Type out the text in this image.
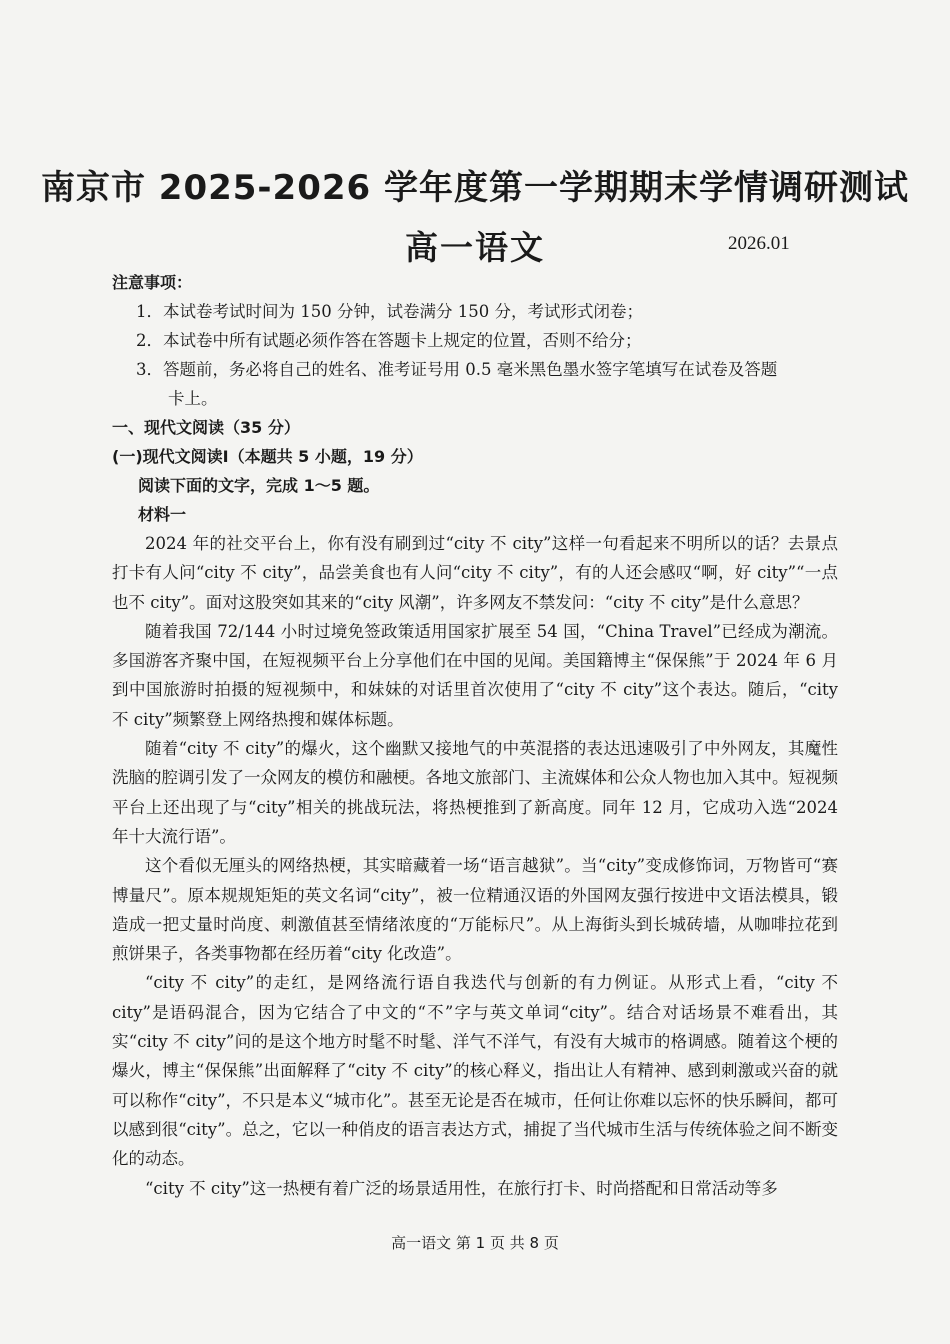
南京市 2025-2026 学年度第一学期期末学情调研测试
高一语文	2026.01
注意事项：
1．本试卷考试时间为 150 分钟，试卷满分 150 分，考试形式闭卷；
2．本试卷中所有试题必须作答在答题卡上规定的位置，否则不给分；
3．答题前，务必将自己的姓名、准考证号用 0.5 毫米黑色墨水签字笔填写在试卷及答题
卡上。
一、现代文阅读（35 分）
(一)现代文阅读Ⅰ（本题共 5 小题，19 分）
阅读下面的文字，完成 1～5 题。
材料一

2024 年的社交平台上，你有没有刷到过“city 不 city”这样一句看起来不明所以的话？去景点打卡有人问“city 不 city”，品尝美食也有人问“city 不 city”，有的人还会感叹“啊，好 city”“一点也不 city”。面对这股突如其来的“city 风潮”，许多网友不禁发问：“city 不 city”是什么意思？

随着我国 72/144 小时过境免签政策适用国家扩展至 54 国，“China Travel”已经成为潮流。多国游客齐聚中国，在短视频平台上分享他们在中国的见闻。美国籍博主“保保熊”于 2024 年 6 月到中国旅游时拍摄的短视频中，和妹妹的对话里首次使用了“city 不 city”这个表达。随后，“city 不 city”频繁登上网络热搜和媒体标题。

随着“city 不 city”的爆火，这个幽默又接地气的中英混搭的表达迅速吸引了中外网友，其魔性洗脑的腔调引发了一众网友的模仿和融梗。各地文旅部门、主流媒体和公众人物也加入其中。短视频平台上还出现了与“city”相关的挑战玩法，将热梗推到了新高度。同年 12 月，它成功入选“2024 年十大流行语”。

这个看似无厘头的网络热梗，其实暗藏着一场“语言越狱”。当“city”变成修饰词，万物皆可“赛博量尺”。原本规规矩矩的英文名词“city”，被一位精通汉语的外国网友强行按进中文语法模具，锻造成一把丈量时尚度、刺激值甚至情绪浓度的“万能标尺”。从上海街头到长城砖墙，从咖啡拉花到煎饼果子，各类事物都在经历着“city 化改造”。

“city 不 city”的走红，是网络流行语自我迭代与创新的有力例证。从形式上看，“city 不 city”是语码混合，因为它结合了中文的“不”字与英文单词“city”。结合对话场景不难看出，其实“city 不 city”问的是这个地方时髦不时髦、洋气不洋气，有没有大城市的格调感。随着这个梗的爆火，博主“保保熊”出面解释了“city 不 city”的核心释义，指出让人有精神、感到刺激或兴奋的就可以称作“city”，不只是本义“城市化”。甚至无论是否在城市，任何让你难以忘怀的快乐瞬间，都可以感到很“city”。总之，它以一种俏皮的语言表达方式，捕捉了当代城市生活与传统体验之间不断变化的动态。

“city 不 city”这一热梗有着广泛的场景适用性，在旅行打卡、时尚搭配和日常活动等多

高一语文 第 1 页 共 8 页
